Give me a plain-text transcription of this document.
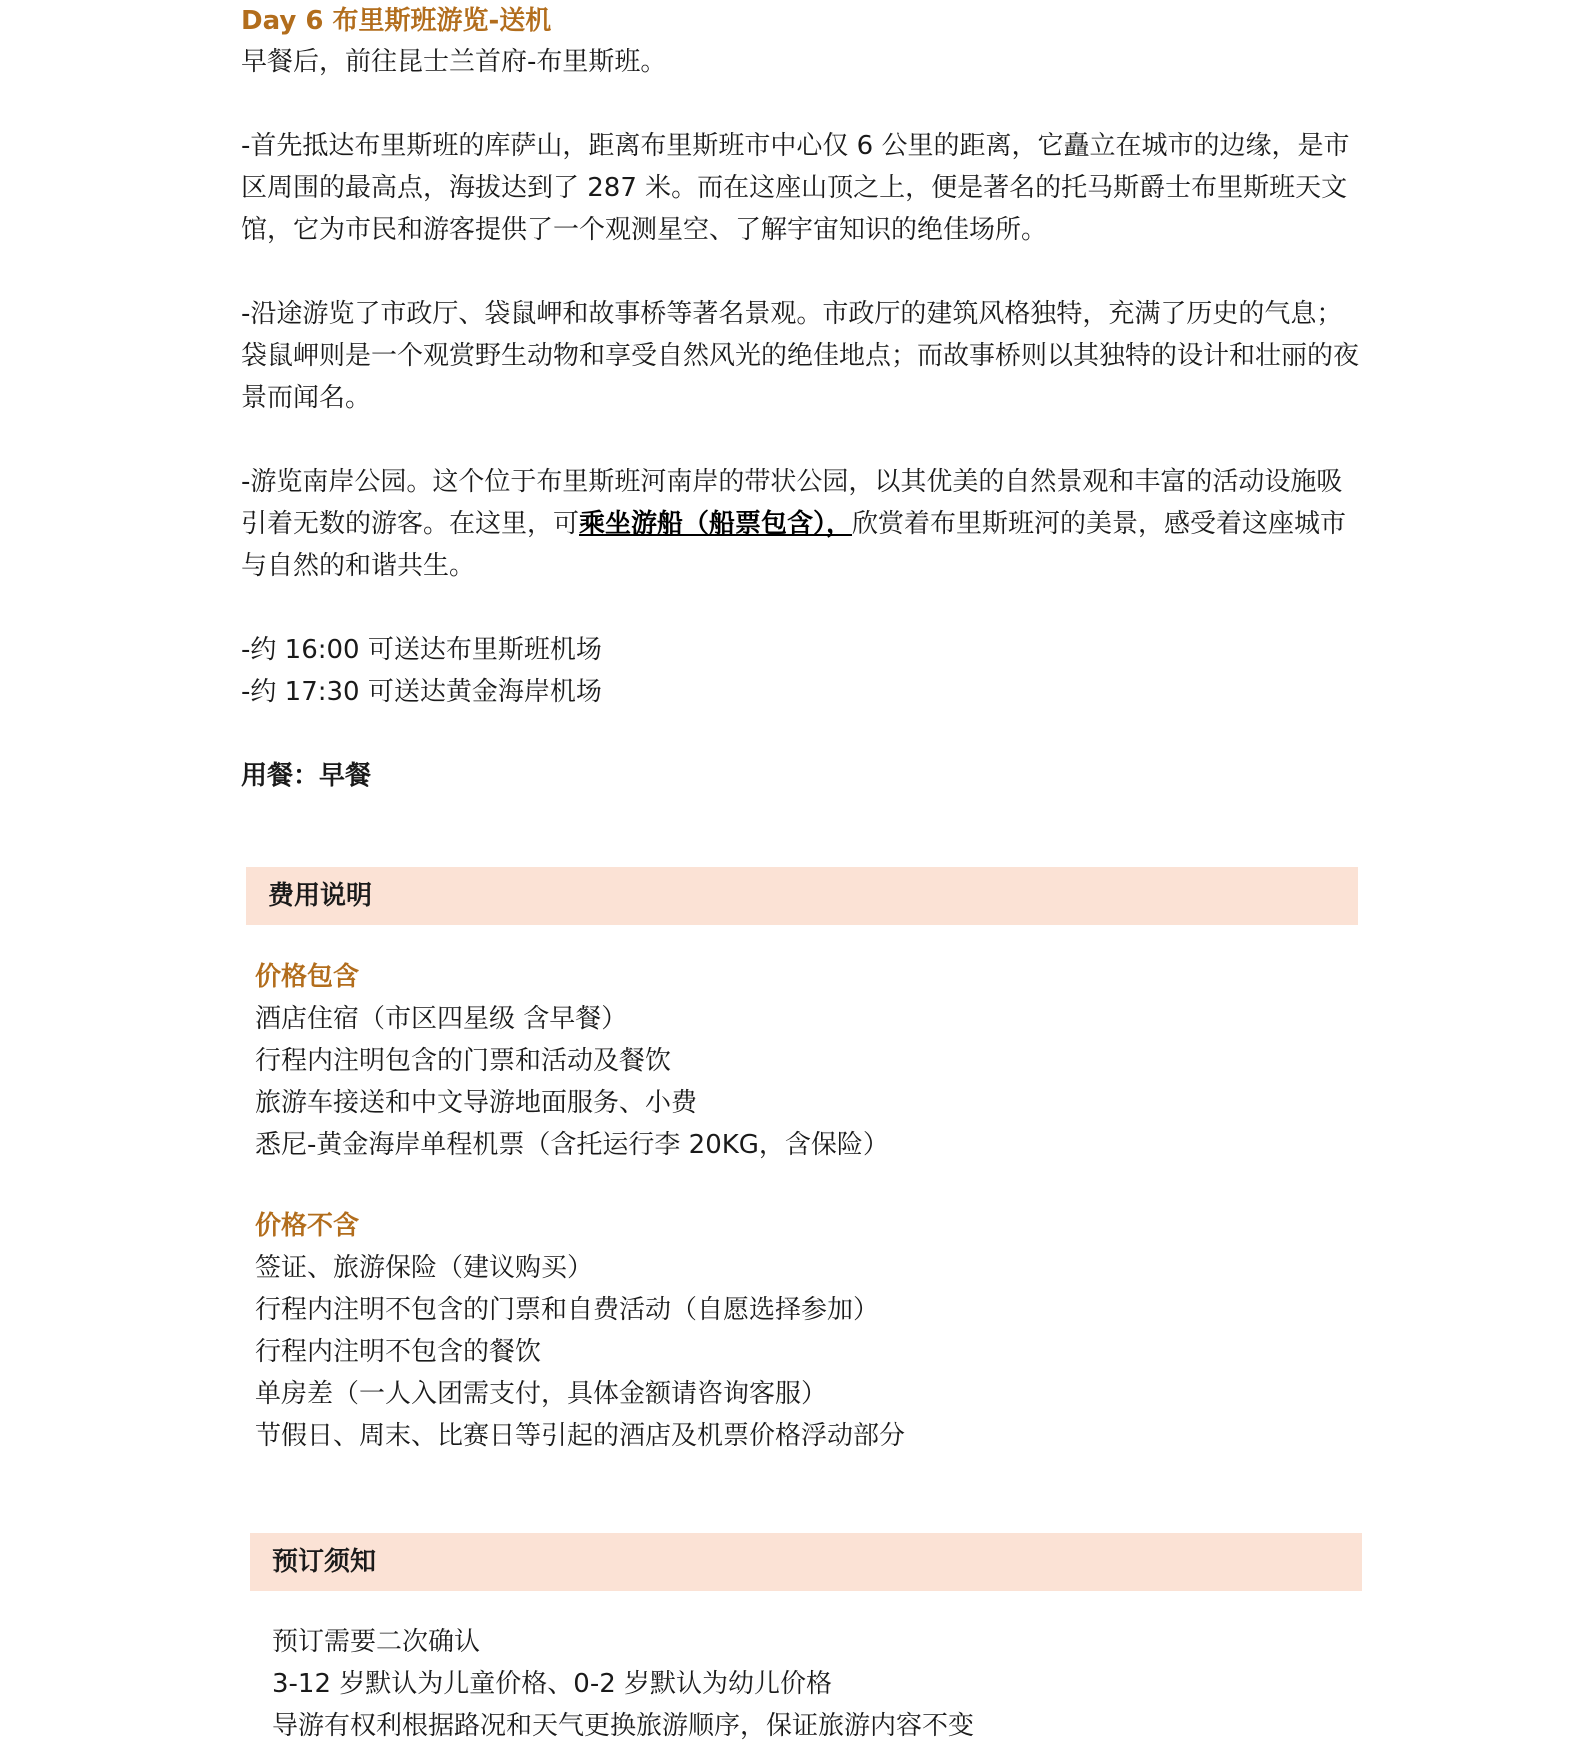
Day 6 布里斯班游览-送机
早餐后，前往昆士兰首府-布里斯班。
-首先抵达布里斯班的库萨山，距离布里斯班市中心仅 6 公里的距离，它矗立在城市的边缘，是市区周围的最高点，海拔达到了 287 米。而在这座山顶之上，便是著名的托马斯爵士布里斯班天文馆，它为市民和游客提供了一个观测星空、了解宇宙知识的绝佳场所。
-沿途游览了市政厅、袋鼠岬和故事桥等著名景观。市政厅的建筑风格独特，充满了历史的气息；袋鼠岬则是一个观赏野生动物和享受自然风光的绝佳地点；而故事桥则以其独特的设计和壮丽的夜景而闻名。
-游览南岸公园。这个位于布里斯班河南岸的带状公园，以其优美的自然景观和丰富的活动设施吸引着无数的游客。在这里，可乘坐游船（船票包含），欣赏着布里斯班河的美景，感受着这座城市与自然的和谐共生。
-约 16:00 可送达布里斯班机场
-约 17:30 可送达黄金海岸机场
用餐：早餐
费用说明
价格包含
酒店住宿（市区四星级 含早餐）
行程内注明包含的门票和活动及餐饮
旅游车接送和中文导游地面服务、小费
悉尼-黄金海岸单程机票（含托运行李 20KG，含保险）
价格不含
签证、旅游保险（建议购买）
行程内注明不包含的门票和自费活动（自愿选择参加）
行程内注明不包含的餐饮
单房差（一人入团需支付，具体金额请咨询客服）
节假日、周末、比赛日等引起的酒店及机票价格浮动部分
预订须知
预订需要二次确认
3-12 岁默认为儿童价格、0-2 岁默认为幼儿价格
导游有权利根据路况和天气更换旅游顺序，保证旅游内容不变
